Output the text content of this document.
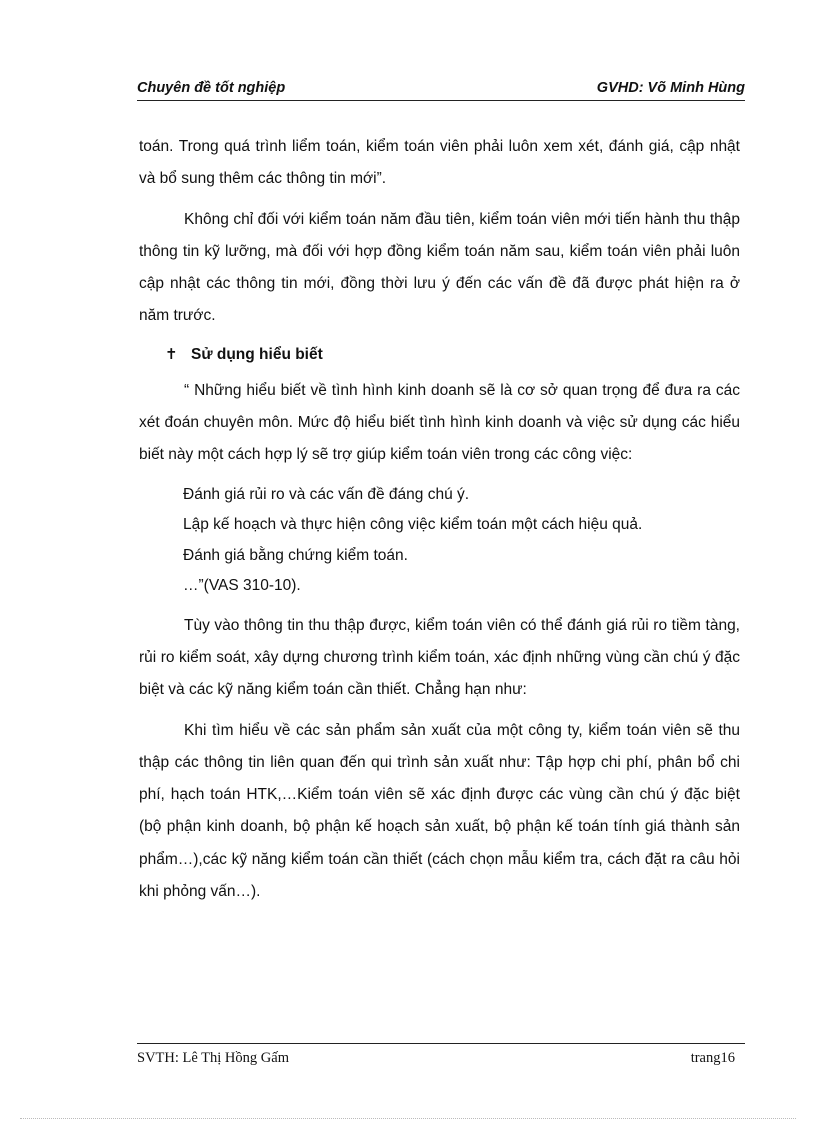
Chuyên đề tốt nghiệp	GVHD: Võ Minh Hùng

toán. Trong quá trình liểm toán, kiểm toán viên phải luôn xem xét, đánh giá, cập nhật và bổ sung thêm các thông tin mới”.

Không chỉ đối với kiểm toán năm đầu tiên, kiểm toán viên mới tiến hành thu thập thông tin kỹ lưỡng, mà đối với hợp đồng kiểm toán năm sau, kiểm toán viên phải luôn cập nhật các thông tin mới, đồng thời lưu ý đến các vấn đề đã được phát hiện ra ở năm trước.

✝ Sử dụng hiểu biết

“ Những hiểu biết về tình hình kinh doanh sẽ là cơ sở quan trọng để đưa ra các xét đoán chuyên môn. Mức độ hiểu biết tình hình kinh doanh và việc sử dụng các hiểu biết này một cách hợp lý sẽ trợ giúp kiểm toán viên trong các công việc:

Đánh giá rủi ro và các vấn đề đáng chú ý.
Lập kế hoạch và thực hiện công việc kiểm toán một cách hiệu quả.
Đánh giá bằng chứng kiểm toán.
…”(VAS 310-10).

Tùy vào thông tin thu thập được, kiểm toán viên có thể đánh giá rủi ro tiềm tàng, rủi ro kiểm soát, xây dựng chương trình kiểm toán, xác định những vùng cần chú ý đặc biệt và các kỹ năng kiểm toán cần thiết. Chẳng hạn như:

Khi tìm hiểu về các sản phẩm sản xuất của một công ty, kiểm toán viên sẽ thu thập các thông tin liên quan đến qui trình sản xuất như: Tập hợp chi phí, phân bổ chi phí, hạch toán HTK,…Kiểm toán viên sẽ xác định được các vùng cần chú ý đặc biệt (bộ phận kinh doanh, bộ phận kế hoạch sản xuất, bộ phận kế toán tính giá thành sản phẩm…),các kỹ năng kiểm toán cần thiết (cách chọn mẫu kiểm tra, cách đặt ra câu hỏi khi phỏng vấn…).

SVTH: Lê Thị Hồng Gấm	trang16
